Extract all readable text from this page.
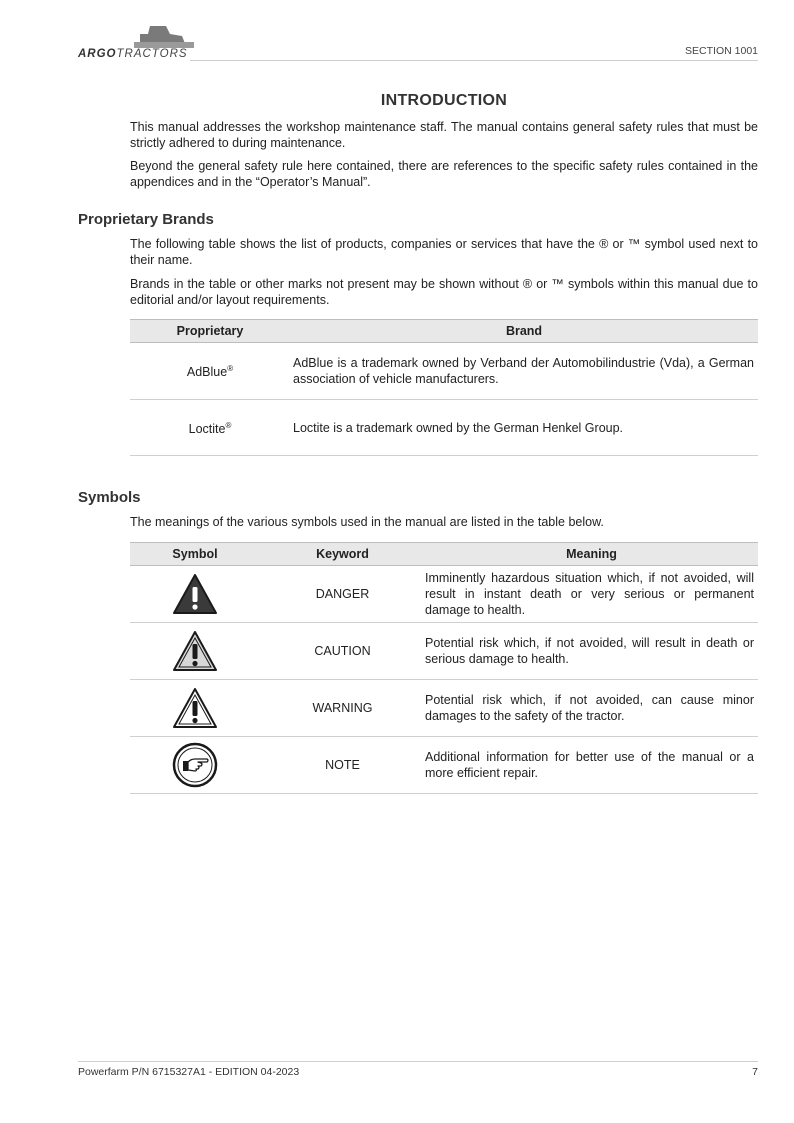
ARGOTRACTORS	SECTION 1001
INTRODUCTION
This manual addresses the workshop maintenance staff. The manual contains general safety rules that must be strictly adhered to during maintenance.
Beyond the general safety rule here contained, there are references to the specific safety rules contained in the appendices and in the “Operator’s Manual”.
Proprietary Brands
The following table shows the list of products, companies or services that have the ® or ™ symbol used next to their name.
Brands in the table or other marks not present may be shown without ® or ™ symbols within this manual due to editorial and/or layout requirements.
Proprietary	Brand
AdBlue®	AdBlue is a trademark owned by Verband der Automobilindustrie (Vda), a German association of vehicle manufacturers.
Loctite®	Loctite is a trademark owned by the German Henkel Group.
Symbols
The meanings of the various symbols used in the manual are listed in the table below.
Symbol	Keyword	Meaning
	DANGER	Imminently hazardous situation which, if not avoided, will result in instant death or very serious or permanent damage to health.
	CAUTION	Potential risk which, if not avoided, will result in death or serious damage to health.
	WARNING	Potential risk which, if not avoided, can cause minor damages to the safety of the tractor.
	NOTE	Additional information for better use of the manual or a more efficient repair.
Powerfarm P/N 6715327A1 - EDITION 04-2023	7
